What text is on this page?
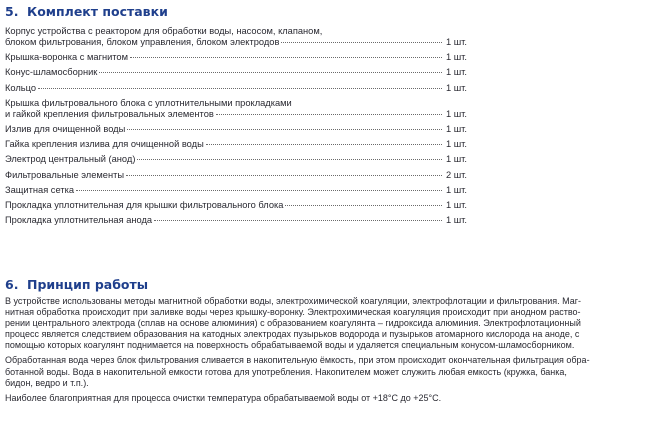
5. Комплект поставки
Корпус устройства с реактором для обработки воды, насосом, клапаном,
блоком фильтрования, блоком управления, блоком электродов	1 шт.
Крышка-воронка с магнитом	1 шт.
Конус-шламосборник	1 шт.
Кольцо	1 шт.
Крышка фильтровального блока с уплотнительными прокладками
и гайкой крепления фильтровальных элементов	1 шт.
Излив для очищенной воды	1 шт.
Гайка крепления излива для очищенной воды	1 шт.
Электрод центральный (анод)	1 шт.
Фильтровальные элементы	2 шт.
Защитная сетка	1 шт.
Прокладка уплотнительная для крышки фильтровального блока	1 шт.
Прокладка уплотнительная анода	1 шт.
6. Принцип работы

В устройстве использованы методы магнитной обработки воды, электрохимической коагуляции, электрофлотации и фильтрования. Маг-
нитная обработка происходит при заливке воды через крышку-воронку. Электрохимическая коагуляция происходит при анодном раство-
рении центрального электрода (сплав на основе алюминия) с образованием коагулянта – гидроксида алюминия. Электрофлотационный
процесс является следствием образования на катодных электродах пузырьков водорода и пузырьков атомарного кислорода на аноде, с
помощью которых коагулянт поднимается на поверхность обрабатываемой воды и удаляется специальным конусом-шламосборником.

Обработанная вода через блок фильтрования сливается в накопительную ёмкость, при этом происходит окончательная фильтрация обра-
ботанной воды. Вода в накопительной емкости готова для употребления. Накопителем может служить любая емкость (кружка, банка,
бидон, ведро и т.п.).

Наиболее благоприятная для процесса очистки температура обрабатываемой воды от +18°С до +25°С.
